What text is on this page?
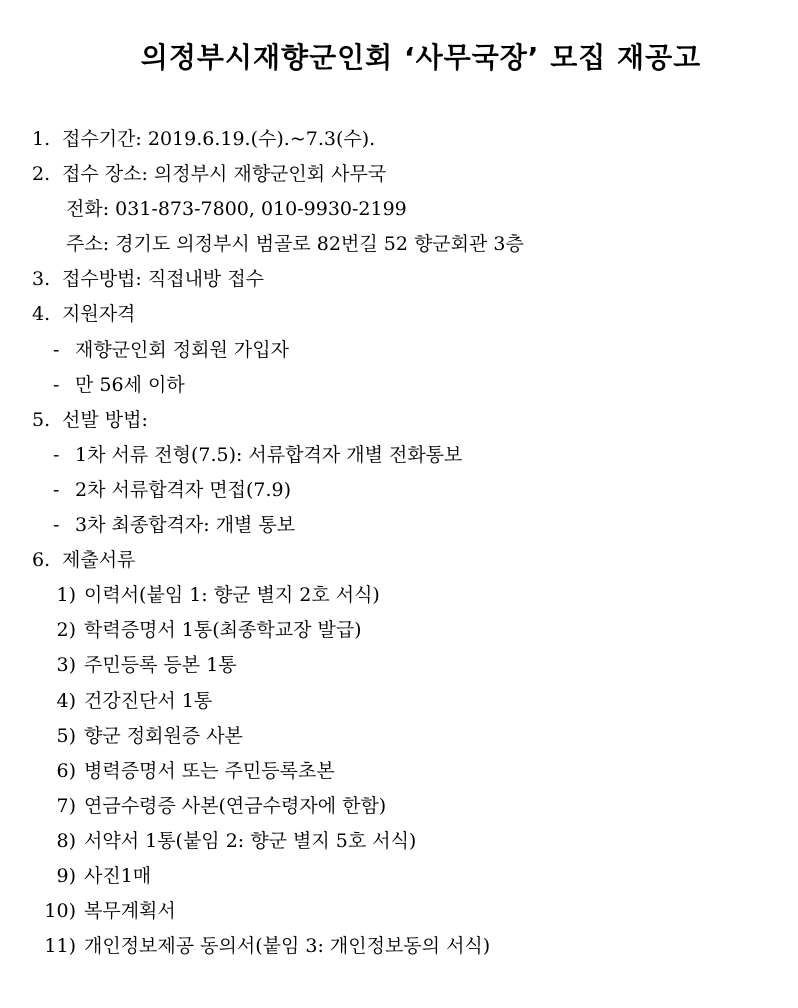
의정부시재향군인회 ‘사무국장’ 모집 재공고
1. 접수기간: 2019.6.19.(수).~7.3(수).
2. 접수 장소: 의정부시 재향군인회 사무국
전화: 031-873-7800, 010-9930-2199
주소: 경기도 의정부시 범골로 82번길 52 향군회관 3층
3. 접수방법: 직접내방 접수
4. 지원자격
- 재향군인회 정회원 가입자
- 만 56세 이하
5. 선발 방법:
- 1차 서류 전형(7.5): 서류합격자 개별 전화통보
- 2차 서류합격자 면접(7.9)
- 3차 최종합격자: 개별 통보
6. 제출서류
1) 이력서(붙임 1: 향군 별지 2호 서식)
2) 학력증명서 1통(최종학교장 발급)
3) 주민등록 등본 1통
4) 건강진단서 1통
5) 향군 정회원증 사본
6) 병력증명서 또는 주민등록초본
7) 연금수령증 사본(연금수령자에 한함)
8) 서약서 1통(붙임 2: 향군 별지 5호 서식)
9) 사진1매
10) 복무계획서
11) 개인정보제공 동의서(붙임 3: 개인정보동의 서식)
